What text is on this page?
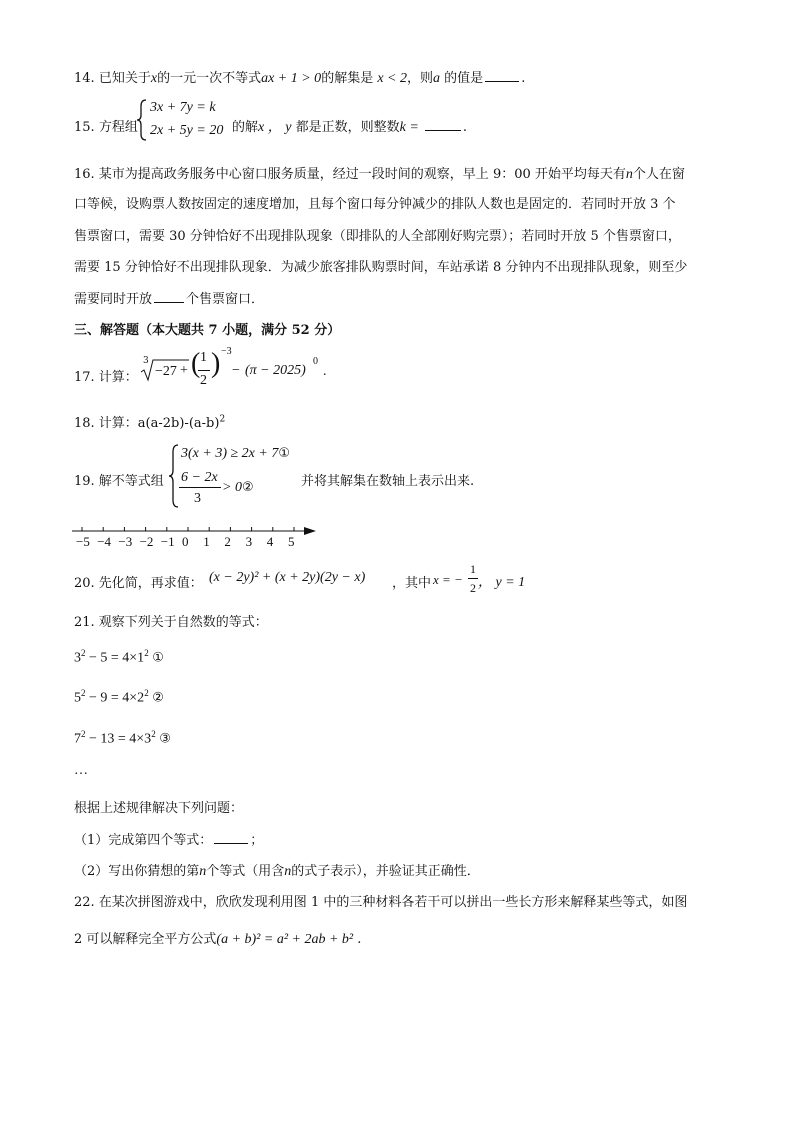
14. 已知关于x的一元一次不等式ax + 1 > 0的解集是 x < 2，则a 的值是	.
15. 方程组
3x + 7y = k
2x + 5y = 20 的解x ， y 都是正数，则整数k =	.
16. 某市为提高政务服务中心窗口服务质量，经过一段时间的观察，早上 9：00 开始平均每天有n个人在窗
口等候，设购票人数按固定的速度增加，且每个窗口每分钟减少的排队人数也是固定的．若同时开放 3 个
售票窗口，需要 30 分钟恰好不出现排队现象（即排队的人全部刚好购完票）；若同时开放 5 个售票窗口，
需要 15 分钟恰好不出现排队现象．为减少旅客排队购票时间，车站承诺 8 分钟内不出现排队现象，则至少
需要同时开放	个售票窗口．
三、解答题（本大题共 7 小题，满分 52 分）
17. 计算：
3
−27 + ( 1
2
) −3
− (π − 2025)
0
.
18. 计算：$a(a-2b)-(a-b)^2$
19. 解不等式组
3(x + 3) ≥ 2x + 7①
6 − 2x
3
> 0②	并将其解集在数轴上表示出来.
−5 −4 −3 −2 −1 0 1 2 3 4 5
20. 先化简，再求值： (x − 2y)² + (x + 2y)(2y − x) ，其中 x = −
1
2 ， y = 1
21. 观察下列关于自然数的等式：
$3^2 - 5 = 4\times 1^2$ ①
$5^2 - 9 = 4\times 2^2$ ②
$7^2 - 13 = 4\times 3^2$ ③
…
根据上述规律解决下列问题：
（1）完成第四个等式：	；
（2）写出你猜想的第n个等式（用含n的式子表示），并验证其正确性．
22. 在某次拼图游戏中，欣欣发现利用图 1 中的三种材料各若干可以拼出一些长方形来解释某些等式，如图
2 可以解释完全平方公式(a + b)² = a² + 2ab + b² .
